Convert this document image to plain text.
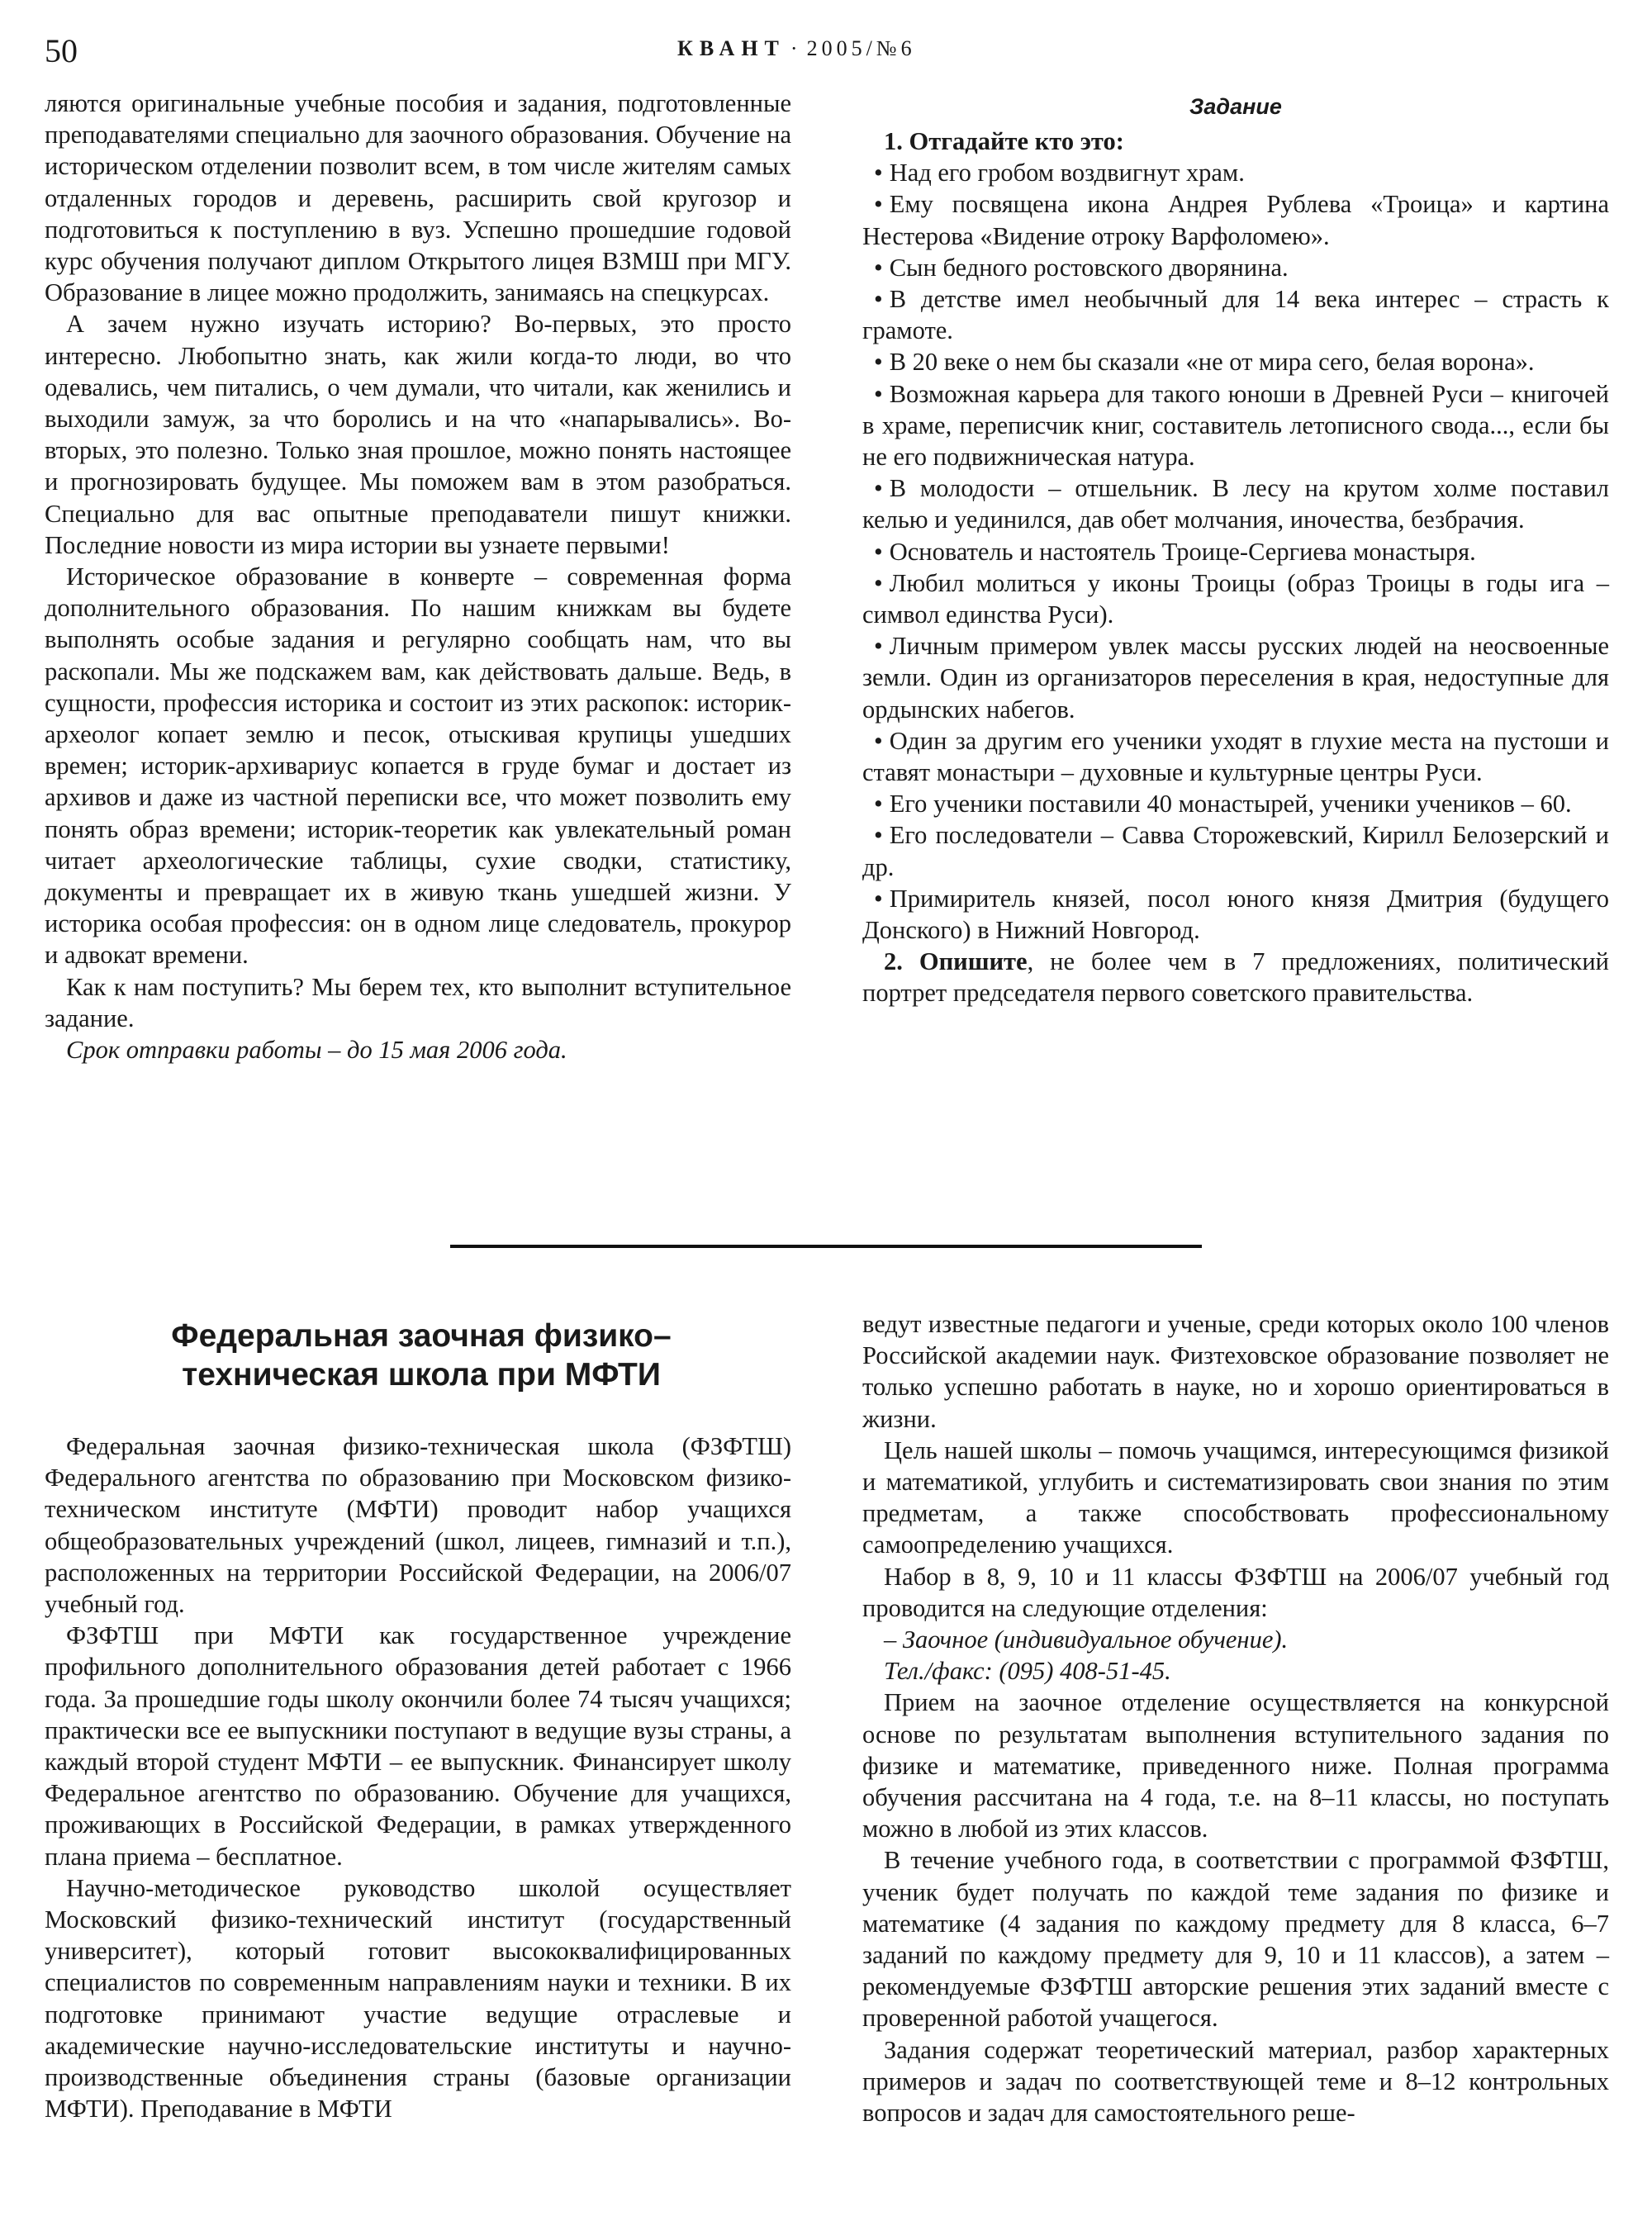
50	КВАНТ · 2005/№6

ляются оригинальные учебные пособия и задания, подготовленные преподавателями специально для заочного образования. Обучение на историческом отделении позволит всем, в том числе жителям самых отдаленных городов и деревень, расширить свой кругозор и подготовиться к поступлению в вуз. Успешно прошедшие годовой курс обучения получают диплом Открытого лицея ВЗМШ при МГУ. Образование в лицее можно продолжить, занимаясь на спецкурсах.

А зачем нужно изучать историю? Во-первых, это просто интересно. Любопытно знать, как жили когда-то люди, во что одевались, чем питались, о чем думали, что читали, как женились и выходили замуж, за что боролись и на что «напарывались». Во-вторых, это полезно. Только зная прошлое, можно понять настоящее и прогнозировать будущее. Мы поможем вам в этом разобраться. Специально для вас опытные преподаватели пишут книжки. Последние новости из мира истории вы узнаете первыми!

Историческое образование в конверте – современная форма дополнительного образования. По нашим книжкам вы будете выполнять особые задания и регулярно сообщать нам, что вы раскопали. Мы же подскажем вам, как действовать дальше. Ведь, в сущности, профессия историка и состоит из этих раскопок: историк-археолог копает землю и песок, отыскивая крупицы ушедших времен; историк-архивариус копается в груде бумаг и достает из архивов и даже из частной переписки все, что может позволить ему понять образ времени; историк-теоретик как увлекательный роман читает археологические таблицы, сухие сводки, статистику, документы и превращает их в живую ткань ушедшей жизни. У историка особая профессия: он в одном лице следователь, прокурор и адвокат времени.

Как к нам поступить? Мы берем тех, кто выполнит вступительное задание.

Срок отправки работы – до 15 мая 2006 года.

Задание

1. Отгадайте кто это:

• Над его гробом воздвигнут храм.

• Ему посвящена икона Андрея Рублева «Троица» и картина Нестерова «Видение отроку Варфоломею».

• Сын бедного ростовского дворянина.

• В детстве имел необычный для 14 века интерес – страсть к грамоте.

• В 20 веке о нем бы сказали «не от мира сего, белая ворона».

• Возможная карьера для такого юноши в Древней Руси – книгочей в храме, переписчик книг, составитель летописного свода..., если бы не его подвижническая натура.

• В молодости – отшельник. В лесу на крутом холме поставил келью и уединился, дав обет молчания, иночества, безбрачия.

• Основатель и настоятель Троице-Сергиева монастыря.

• Любил молиться у иконы Троицы (образ Троицы в годы ига – символ единства Руси).

• Личным примером увлек массы русских людей на неосвоенные земли. Один из организаторов переселения в края, недоступные для ордынских набегов.

• Один за другим его ученики уходят в глухие места на пустоши и ставят монастыри – духовные и культурные центры Руси.

• Его ученики поставили 40 монастырей, ученики учеников – 60.

• Его последователи – Савва Сторожевский, Кирилл Белозерский и др.

• Примиритель князей, посол юного князя Дмитрия (будущего Донского) в Нижний Новгород.

2. Опишите, не более чем в 7 предложениях, политический портрет председателя первого советского правительства.

Федеральная заочная физико–
техническая школа при МФТИ

Федеральная заочная физико-техническая школа (ФЗФТШ) Федерального агентства по образованию при Московском физико-техническом институте (МФТИ) проводит набор учащихся общеобразовательных учреждений (школ, лицеев, гимназий и т.п.), расположенных на территории Российской Федерации, на 2006/07 учебный год.

ФЗФТШ при МФТИ как государственное учреждение профильного дополнительного образования детей работает с 1966 года. За прошедшие годы школу окончили более 74 тысяч учащихся; практически все ее выпускники поступают в ведущие вузы страны, а каждый второй студент МФТИ – ее выпускник. Финансирует школу Федеральное агентство по образованию. Обучение для учащихся, проживающих в Российской Федерации, в рамках утвержденного плана приема – бесплатное.

Научно-методическое руководство школой осуществляет Московский физико-технический институт (государственный университет), который готовит высококвалифицированных специалистов по современным направлениям науки и техники. В их подготовке принимают участие ведущие отраслевые и академические научно-исследовательские институты и научно-производственные объединения страны (базовые организации МФТИ). Преподавание в МФТИ

ведут известные педагоги и ученые, среди которых около 100 членов Российской академии наук. Физтеховское образование позволяет не только успешно работать в науке, но и хорошо ориентироваться в жизни.

Цель нашей школы – помочь учащимся, интересующимся физикой и математикой, углубить и систематизировать свои знания по этим предметам, а также способствовать профессиональному самоопределению учащихся.

Набор в 8, 9, 10 и 11 классы ФЗФТШ на 2006/07 учебный год проводится на следующие отделения:

– Заочное (индивидуальное обучение).

Тел./факс: (095) 408-51-45.

Прием на заочное отделение осуществляется на конкурсной основе по результатам выполнения вступительного задания по физике и математике, приведенного ниже. Полная программа обучения рассчитана на 4 года, т.е. на 8–11 классы, но поступать можно в любой из этих классов.

В течение учебного года, в соответствии с программой ФЗФТШ, ученик будет получать по каждой теме задания по физике и математике (4 задания по каждому предмету для 8 класса, 6–7 заданий по каждому предмету для 9, 10 и 11 классов), а затем – рекомендуемые ФЗФТШ авторские решения этих заданий вместе с проверенной работой учащегося.

Задания содержат теоретический материал, разбор характерных примеров и задач по соответствующей теме и 8–12 контрольных вопросов и задач для самостоятельного реше-
